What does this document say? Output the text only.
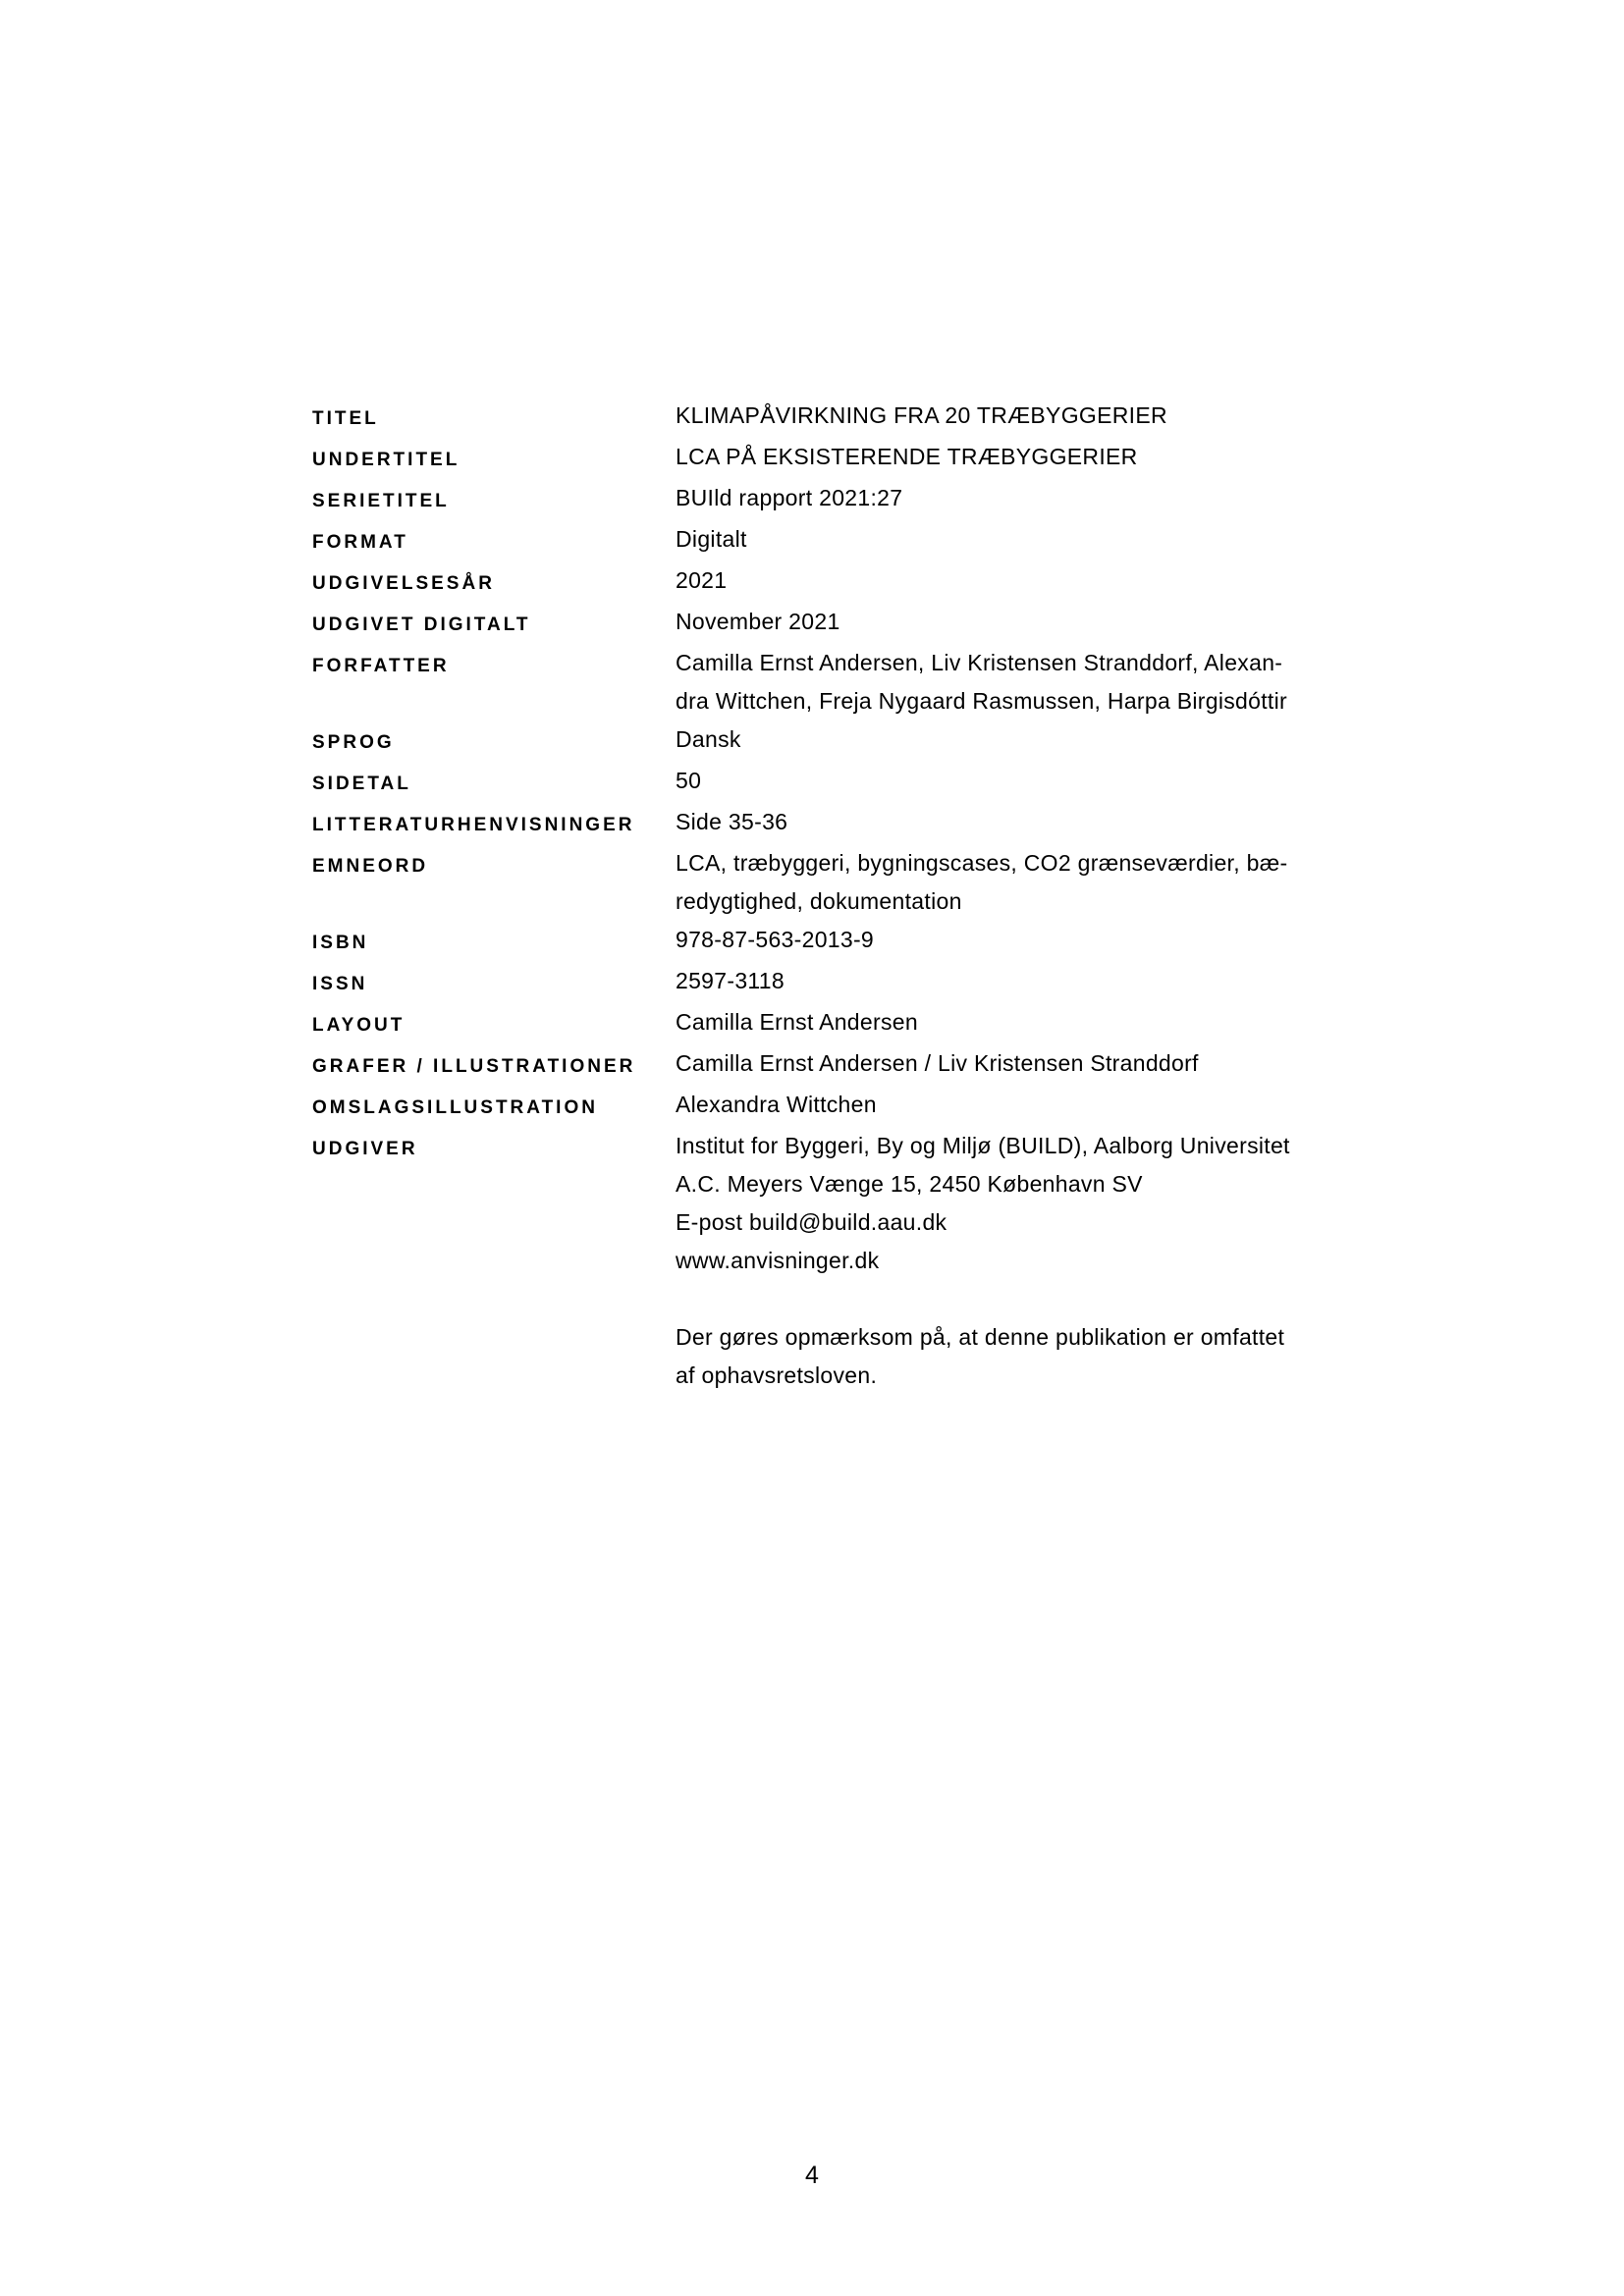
TITEL	KLIMAPÅVIRKNING FRA 20 TRÆBYGGERIER
UNDERTITEL	LCA PÅ EKSISTERENDE TRÆBYGGERIER
SERIETITEL	BUIld rapport 2021:27
FORMAT	Digitalt
UDGIVELSESÅR	2021
UDGIVET DIGITALT	November 2021
FORFATTER	Camilla Ernst Andersen, Liv Kristensen Stranddorf, Alexan-
dra Wittchen, Freja Nygaard Rasmussen, Harpa Birgisdóttir
SPROG	Dansk
SIDETAL	50
LITTERATURHENVISNINGER	Side 35-36
EMNEORD	LCA, træbyggeri, bygningscases, CO2 grænseværdier, bæ-
redygtighed, dokumentation
ISBN	978-87-563-2013-9
ISSN	2597-3118
LAYOUT	Camilla Ernst Andersen
GRAFER / ILLUSTRATIONER	Camilla Ernst Andersen / Liv Kristensen Stranddorf
OMSLAGSILLUSTRATION	Alexandra Wittchen
UDGIVER	Institut for Byggeri, By og Miljø (BUILD), Aalborg Universitet
A.C. Meyers Vænge 15, 2450 København SV
E-post build@build.aau.dk
www.anvisninger.dk
Der gøres opmærksom på, at denne publikation er omfattet
af ophavsretsloven.
4
